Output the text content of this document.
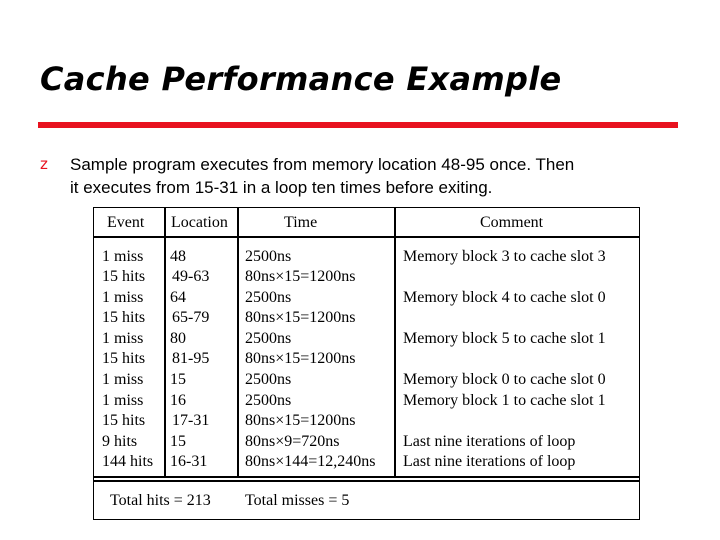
Cache Performance Example
𝗓	Sample program executes from memory location 48-95 once. Then
it executes from 15-31 in a loop ten times before exiting.
Event Location	Time	Comment
1 miss 48	2500ns	Memory block 3 to cache slot 3
15 hits 49-63 80ns×15=1200ns
1 miss 64	2500ns	Memory block 4 to cache slot 0
15 hits 65-79 80ns×15=1200ns
1 miss 80	2500ns	Memory block 5 to cache slot 1
15 hits 81-95 80ns×15=1200ns
1 miss 15	2500ns	Memory block 0 to cache slot 0
1 miss 16	2500ns	Memory block 1 to cache slot 1
15 hits 17-31 80ns×15=1200ns
9 hits 15	80ns×9=720ns	Last nine iterations of loop
144 hits 16-31 80ns×144=12,240ns Last nine iterations of loop
Total hits = 213 Total misses = 5
